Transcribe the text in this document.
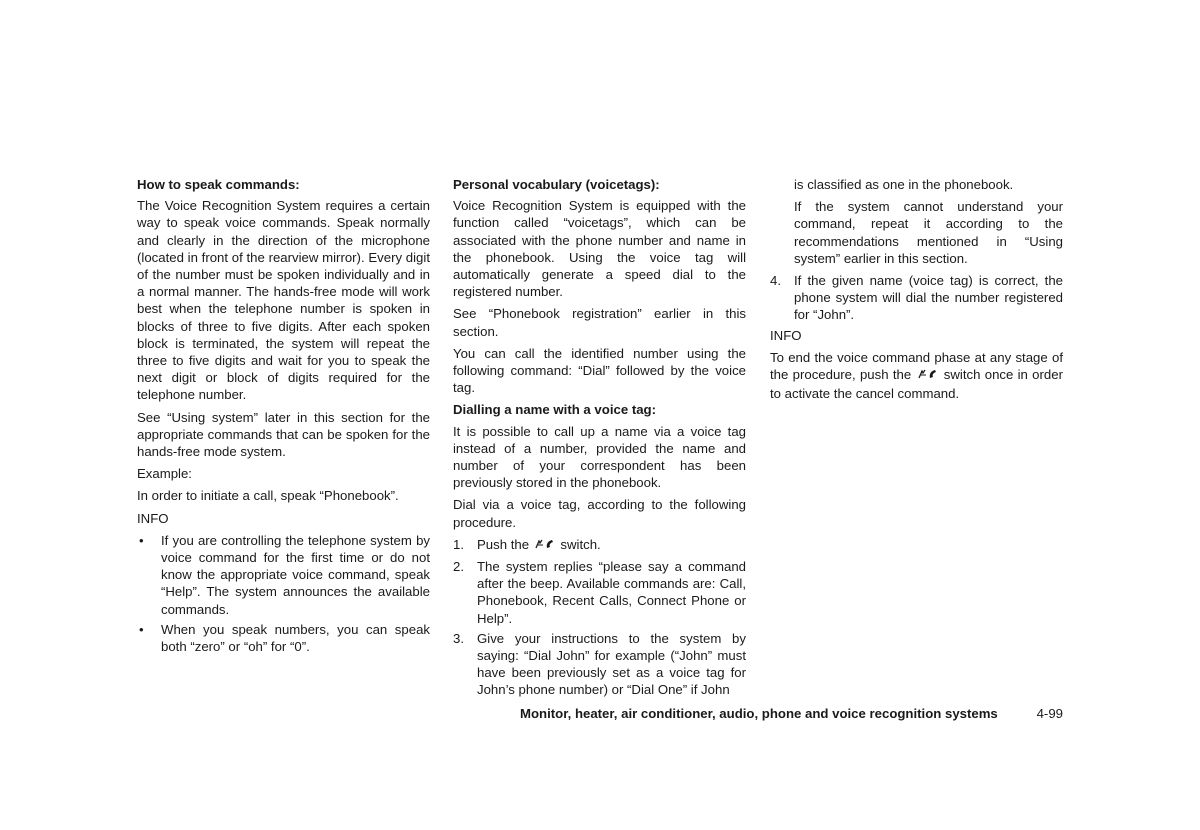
How to speak commands:
The Voice Recognition System requires a certain way to speak voice commands. Speak normally and clearly in the direction of the microphone (located in front of the rearview mirror). Every digit of the number must be spoken individually and in a normal manner. The hands-free mode will work best when the telephone number is spoken in blocks of three to five digits. After each spoken block is terminated, the system will repeat the three to five digits and wait for you to speak the next digit or block of digits required for the telephone number.
See “Using system” later in this section for the appropriate commands that can be spoken for the hands-free mode system.
Example:
In order to initiate a call, speak “Phonebook”.
INFO
• If you are controlling the telephone system by voice command for the first time or do not know the appropriate voice command, speak “Help”. The system announces the available commands.
• When you speak numbers, you can speak both “zero” or “oh” for “0”.
Personal vocabulary (voicetags):
Voice Recognition System is equipped with the function called “voicetags”, which can be associated with the phone number and name in the phonebook. Using the voice tag will automatically generate a speed dial to the registered number.
See “Phonebook registration” earlier in this section.
You can call the identified number using the following command: “Dial” followed by the voice tag.
Dialling a name with a voice tag:
It is possible to call up a name via a voice tag instead of a number, provided the name and number of your correspondent has been previously stored in the phonebook.
Dial via a voice tag, according to the following procedure.
1. Push the switch.
2. The system replies “please say a command after the beep. Available commands are: Call, Phonebook, Recent Calls, Connect Phone or Help”.
3. Give your instructions to the system by saying: “Dial John” for example (“John” must have been previously set as a voice tag for John’s phone number) or “Dial One” if John
is classified as one in the phonebook.
If the system cannot understand your command, repeat it according to the recommendations mentioned in “Using system” earlier in this section.
4. If the given name (voice tag) is correct, the phone system will dial the number registered for “John”.
INFO
To end the voice command phase at any stage of the procedure, push the switch once in order to activate the cancel command.
Monitor, heater, air conditioner, audio, phone and voice recognition systems	4-99
